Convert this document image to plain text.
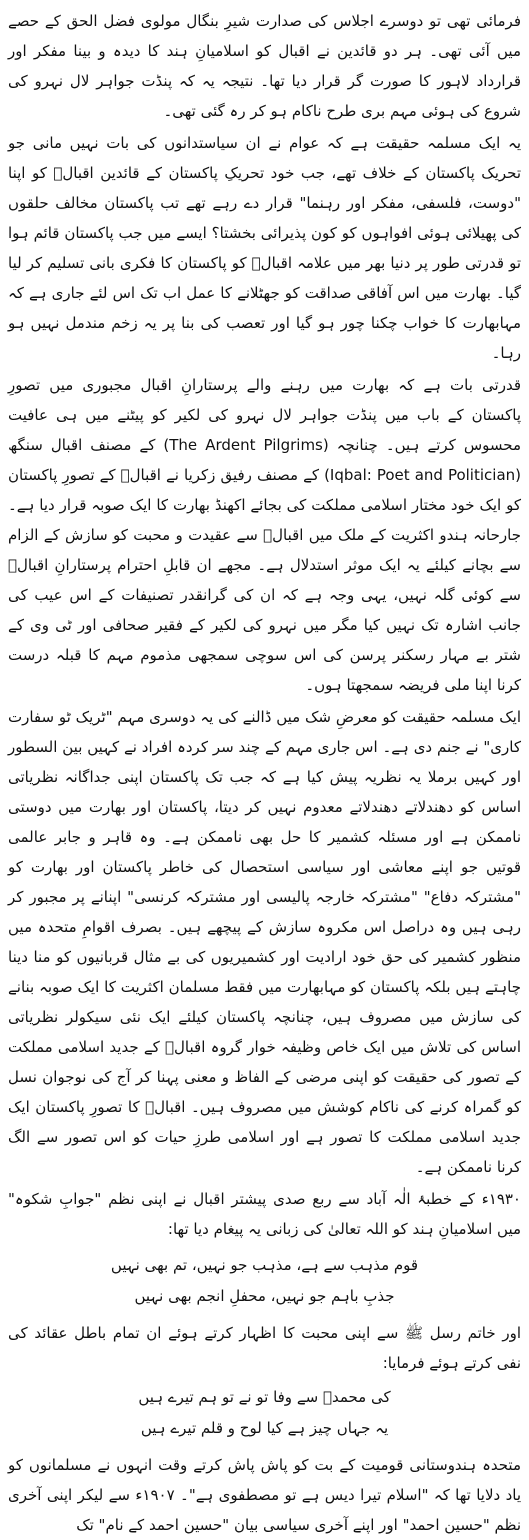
فرمائی تھی تو دوسرے اجلاس کی صدارت شیرِ بنگال مولوی فضل الحق کے حصے میں آئی تھی۔ ہر دو قائدین نے اقبال کو اسلامیانِ ہند کا دیدہ و بینا مفکر اور قرارداد لاہور کا صورت گر قرار دیا تھا۔ نتیجہ یہ کہ پنڈت جواہر لال نہرو کی شروع کی ہوئی مہم بری طرح ناکام ہو کر رہ گئی تھی۔

یہ ایک مسلمہ حقیقت ہے کہ عوام نے ان سیاستدانوں کی بات نہیں مانی جو تحریک پاکستان کے خلاف تھے، جب خود تحریکِ پاکستان کے قائدین اقبالؒ کو اپنا "دوست، فلسفی، مفکر اور رہنما" قرار دے رہے تھے تب پاکستان مخالف حلقوں کی پھیلائی ہوئی افواہوں کو کون پذیرائی بخشتا؟ ایسے میں جب پاکستان قائم ہوا تو قدرتی طور پر دنیا بھر میں علامہ اقبالؒ کو پاکستان کا فکری بانی تسلیم کر لیا گیا۔ بھارت میں اس آفاقی صداقت کو جھٹلانے کا عمل اب تک اس لئے جاری ہے کہ مہابھارت کا خواب چکنا چور ہو گیا اور تعصب کی بنا پر یہ زخم مندمل نہیں ہو رہا۔

قدرتی بات ہے کہ بھارت میں رہنے والے پرستارانِ اقبال مجبوری میں تصورِ پاکستان کے باب میں پنڈت جواہر لال نہرو کی لکیر کو پیٹنے میں ہی عافیت محسوس کرتے ہیں۔ چنانچہ (The Ardent Pilgrims) کے مصنف اقبال سنگھ (Iqbal: Poet and Politician) کے مصنف رفیق زکریا نے اقبالؒ کے تصورِ پاکستان کو ایک خود مختار اسلامی مملکت کی بجائے اکھنڈ بھارت کا ایک صوبہ قرار دیا ہے۔ جارحانہ ہندو اکثریت کے ملک میں اقبالؒ سے عقیدت و محبت کو سازش کے الزام سے بچانے کیلئے یہ ایک موثر استدلال ہے۔ مجھے ان قابلِ احترام پرستارانِ اقبالؒ سے کوئی گلہ نہیں، یہی وجہ ہے کہ ان کی گرانقدر تصنیفات کے اس عیب کی جانب اشارہ تک نہیں کیا مگر میں نہرو کی لکیر کے فقیر صحافی اور ٹی وی کے شتر بے مہار رسکنر پرسن کی اس سوچی سمجھی مذموم مہم کا قبلہ درست کرنا اپنا ملی فریضہ سمجھتا ہوں۔

ایک مسلمہ حقیقت کو معرضِ شک میں ڈالنے کی یہ دوسری مہم "ٹریک ٹو سفارت کاری" نے جنم دی ہے۔ اس جاری مہم کے چند سر کردہ افراد نے کہیں بین السطور اور کہیں برملا یہ نظریہ پیش کیا ہے کہ جب تک پاکستان اپنی جداگانہ نظریاتی اساس کو دھندلاتے دھندلاتے معدوم نہیں کر دیتا، پاکستان اور بھارت میں دوستی ناممکن ہے اور مسئلہ کشمیر کا حل بھی ناممکن ہے۔ وہ قاہر و جابر عالمی قوتیں جو اپنے معاشی اور سیاسی استحصال کی خاطر پاکستان اور بھارت کو "مشترکہ دفاع" "مشترکہ خارجہ پالیسی اور مشترکہ کرنسی" اپنانے پر مجبور کر رہی ہیں وہ دراصل اس مکروہ سازش کے پیچھے ہیں۔ بصرف اقوامِ متحدہ میں منظور کشمیر کی حق خود ارادیت اور کشمیریوں کی بے مثال قربانیوں کو منا دینا چاہتے ہیں بلکہ پاکستان کو مہابھارت میں فقط مسلمان اکثریت کا ایک صوبہ بنانے کی سازش میں مصروف ہیں، چنانچہ پاکستان کیلئے ایک نئی سیکولر نظریاتی اساس کی تلاش میں ایک خاص وظیفہ خوار گروہ اقبالؒ کے جدید اسلامی مملکت کے تصور کی حقیقت کو اپنی مرضی کے الفاظ و معنی پہنا کر آج کی نوجوان نسل کو گمراہ کرنے کی ناکام کوشش میں مصروف ہیں۔ اقبالؒ کا تصورِ پاکستان ایک جدید اسلامی مملکت کا تصور ہے اور اسلامی طرزِ حیات کو اس تصور سے الگ کرنا ناممکن ہے۔

۱۹۳۰ء کے خطبۂ الٰہ آباد سے ربع صدی پیشتر اقبال نے اپنی نظم "جوابِ شکوہ" میں اسلامیانِ ہند کو اللہ تعالیٰ کی زبانی یہ پیغام دیا تھا:

قوم مذہب سے ہے، مذہب جو نہیں، تم بھی نہیں

جذبِ باہم جو نہیں، محفلِ انجم بھی نہیں

اور خاتم رسل ﷺ سے اپنی محبت کا اظہار کرتے ہوئے ان تمام باطل عقائد کی نفی کرتے ہوئے فرمایا:

کی محمدؐ سے وفا تو نے تو ہم تیرے ہیں

یہ جہاں چیز ہے کیا لوح و قلم تیرے ہیں

متحدہ ہندوستانی قومیت کے بت کو پاش پاش کرتے وقت انہوں نے مسلمانوں کو یاد دلایا تھا کہ "اسلام تیرا دیس ہے تو مصطفوی ہے"۔ ۱۹۰۷ء سے لیکر اپنی آخری نظم "حسین احمد" اور اپنے آخری سیاسی بیان "حسین احمد کے نام" تک
